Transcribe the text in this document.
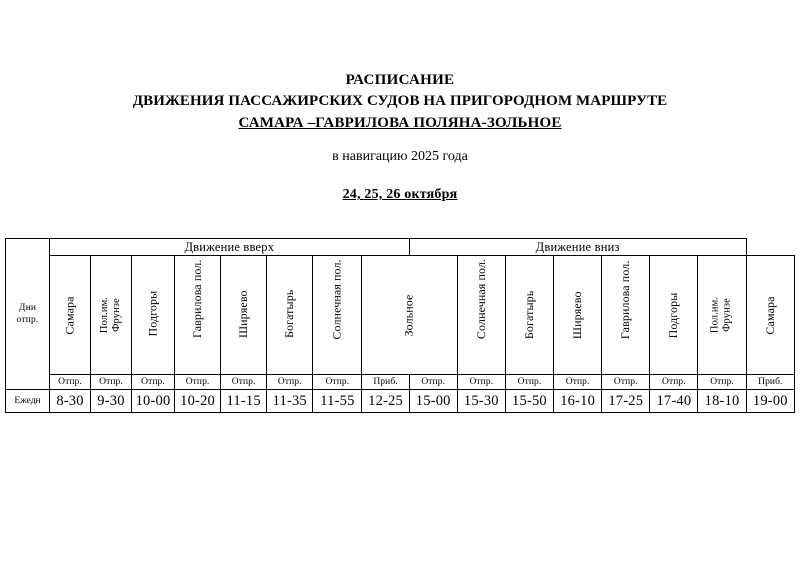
РАСПИСАНИЕ
ДВИЖЕНИЯ ПАССАЖИРСКИХ СУДОВ НА ПРИГОРОДНОМ МАРШРУТЕ
САМАРА –ГАВРИЛОВА ПОЛЯНА-ЗОЛЬНОЕ
в навигацию 2025 года
24, 25, 26 октября
Дни
отпр.	Движение вверх								Движение вниз							

	Самара	Пол.им. Фрунзе	Подгоры	Гаврилова пол.	Ширяево	Богатырь	Солнечная пол.	Зольное		Солнечная пол.	Богатырь	Ширяево	Гаврилова пол.	Подгоры	Пол.им. Фрунзе	Самара

	Отпр.	Отпр.	Отпр.	Отпр.	Отпр.	Отпр.	Отпр.	Приб.	Отпр.	Отпр.	Отпр.	Отпр.	Отпр.	Отпр.	Отпр.	Приб.
Ежедн	8-30	9-30	10-00	10-20	11-15	11-35	11-55	12-25	15-00	15-30	15-50	16-10	17-25	17-40	18-10	19-00
